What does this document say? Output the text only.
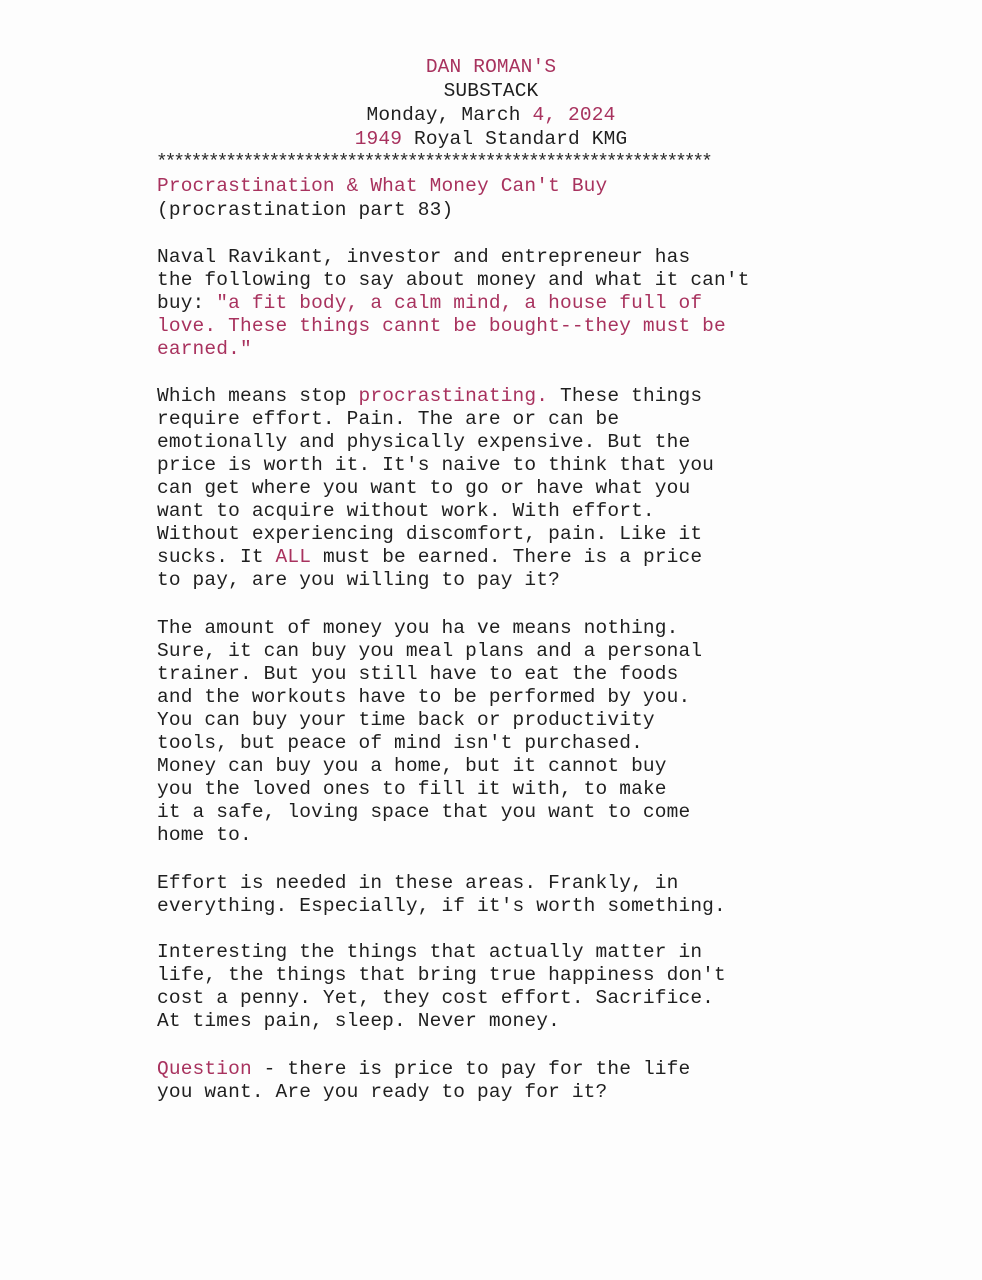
DAN ROMAN'S
SUBSTACK
Monday, March 4, 2024
1949 Royal Standard KMG
****************************************************************
Procrastination & What Money Can't Buy
(procrastination part 83)
Naval Ravikant, investor and entrepreneur has
the following to say about money and what it can't
buy: "a fit body, a calm mind, a house full of
love. These things cannt be bought--they must be
earned."
Which means stop procrastinating. These things
require effort. Pain. The are or can be
emotionally and physically expensive. But the
price is worth it. It's naive to think that you
can get where you want to go or have what you
want to acquire without work. With effort.
Without experiencing discomfort, pain. Like it
sucks. It ALL must be earned. There is a price
to pay, are you willing to pay it?
The amount of money you ha ve means nothing.
Sure, it can buy you meal plans and a personal
trainer. But you still have to eat the foods
and the workouts have to be performed by you.
You can buy your time back or productivity
tools, but peace of mind isn't purchased.
Money can buy you a home, but it cannot buy
you the loved ones to fill it with, to make
it a safe, loving space that you want to come
home to.
Effort is needed in these areas. Frankly, in
everything. Especially, if it's worth something.
Interesting the things that actually matter in
life, the things that bring true happiness don't
cost a penny. Yet, they cost effort. Sacrifice.
At times pain, sleep. Never money.
Question - there is price to pay for the life
you want. Are you ready to pay for it?
